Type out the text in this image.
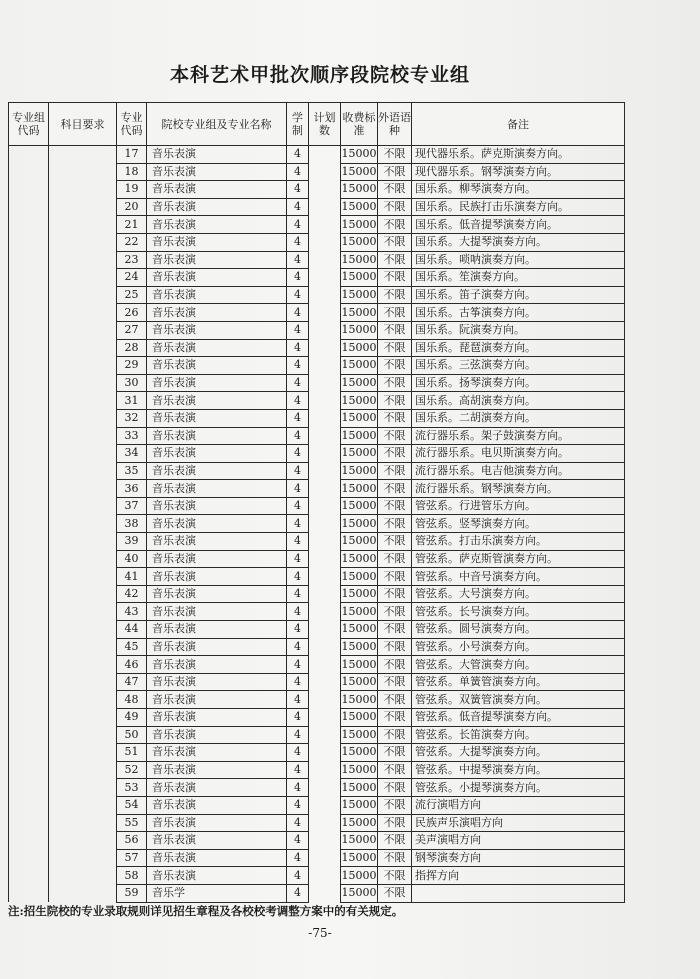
本科艺术甲批次顺序段院校专业组
专业组代码	科目要求	专业代码	院校专业组及专业名称	学制	计划数	收费标准	外语语种	备注
		17	音乐表演	4		15000	不限	现代器乐系。萨克斯演奏方向。
		18	音乐表演	4		15000	不限	现代器乐系。钢琴演奏方向。
		19	音乐表演	4		15000	不限	国乐系。柳琴演奏方向。
		20	音乐表演	4		15000	不限	国乐系。民族打击乐演奏方向。
		21	音乐表演	4		15000	不限	国乐系。低音提琴演奏方向。
		22	音乐表演	4		15000	不限	国乐系。大提琴演奏方向。
		23	音乐表演	4		15000	不限	国乐系。唢呐演奏方向。
		24	音乐表演	4		15000	不限	国乐系。笙演奏方向。
		25	音乐表演	4		15000	不限	国乐系。笛子演奏方向。
		26	音乐表演	4		15000	不限	国乐系。古筝演奏方向。
		27	音乐表演	4		15000	不限	国乐系。阮演奏方向。
		28	音乐表演	4		15000	不限	国乐系。琵琶演奏方向。
		29	音乐表演	4		15000	不限	国乐系。三弦演奏方向。
		30	音乐表演	4		15000	不限	国乐系。扬琴演奏方向。
		31	音乐表演	4		15000	不限	国乐系。高胡演奏方向。
		32	音乐表演	4		15000	不限	国乐系。二胡演奏方向。
		33	音乐表演	4		15000	不限	流行器乐系。架子鼓演奏方向。
		34	音乐表演	4		15000	不限	流行器乐系。电贝斯演奏方向。
		35	音乐表演	4		15000	不限	流行器乐系。电吉他演奏方向。
		36	音乐表演	4		15000	不限	流行器乐系。钢琴演奏方向。
		37	音乐表演	4		15000	不限	管弦系。行进管乐方向。
		38	音乐表演	4		15000	不限	管弦系。竖琴演奏方向。
		39	音乐表演	4		15000	不限	管弦系。打击乐演奏方向。
		40	音乐表演	4		15000	不限	管弦系。萨克斯管演奏方向。
		41	音乐表演	4		15000	不限	管弦系。中音号演奏方向。
		42	音乐表演	4		15000	不限	管弦系。大号演奏方向。
		43	音乐表演	4		15000	不限	管弦系。长号演奏方向。
		44	音乐表演	4		15000	不限	管弦系。圆号演奏方向。
		45	音乐表演	4		15000	不限	管弦系。小号演奏方向。
		46	音乐表演	4		15000	不限	管弦系。大管演奏方向。
		47	音乐表演	4		15000	不限	管弦系。单簧管演奏方向。
		48	音乐表演	4		15000	不限	管弦系。双簧管演奏方向。
		49	音乐表演	4		15000	不限	管弦系。低音提琴演奏方向。
		50	音乐表演	4		15000	不限	管弦系。长笛演奏方向。
		51	音乐表演	4		15000	不限	管弦系。大提琴演奏方向。
		52	音乐表演	4		15000	不限	管弦系。中提琴演奏方向。
		53	音乐表演	4		15000	不限	管弦系。小提琴演奏方向。
		54	音乐表演	4		15000	不限	流行演唱方向
		55	音乐表演	4		15000	不限	民族声乐演唱方向
		56	音乐表演	4		15000	不限	美声演唱方向
		57	音乐表演	4		15000	不限	钢琴演奏方向
		58	音乐表演	4		15000	不限	指挥方向
		59	音乐学	4		15000	不限	
注:招生院校的专业录取规则详见招生章程及各校校考调整方案中的有关规定。
-75-
